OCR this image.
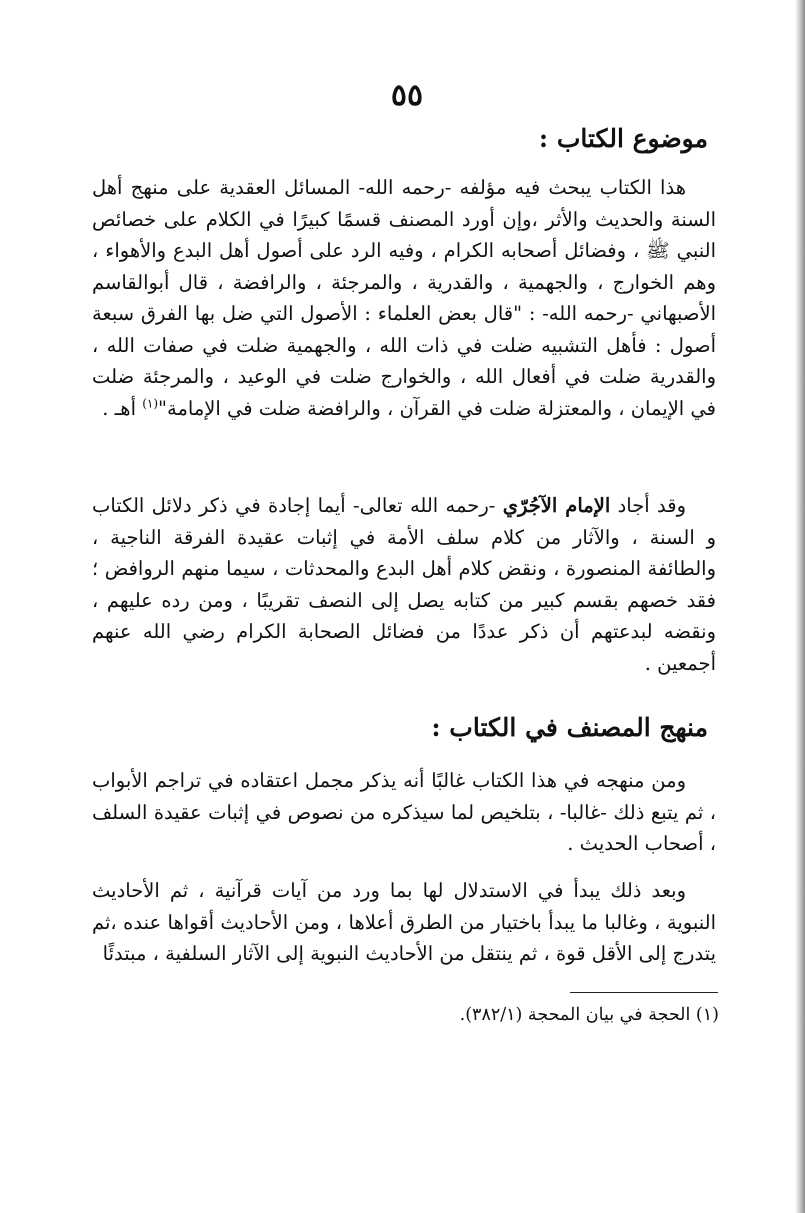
٥٥
موضوع الكتاب :

هذا الكتاب يبحث فيه مؤلفه -رحمه الله- المسائل العقدية على منهج أهل السنة والحديث والأثر ،وإن أورد المصنف قسمًا كبيرًا في الكلام على خصائص النبي ﷺ ، وفضائل أصحابه الكرام ، وفيه الرد على أصول أهل البدع والأهواء ، وهم الخوارج ، والجهمية ، والقدرية ، والمرجئة ، والرافضة ، قال أبوالقاسم الأصبهاني -رحمه الله- : "قال بعض العلماء : الأصول التي ضل بها الفرق سبعة أصول : فأهل التشبيه ضلت في ذات الله ، والجهمية ضلت في صفات الله ، والقدرية ضلت في أفعال الله ، والخوارج ضلت في الوعيد ، والمرجئة ضلت في الإيمان ، والمعتزلة ضلت في القرآن ، والرافضة ضلت في الإمامة"$^{(١)}$ أهـ .

وقد أجاد الإمام الآجُرّي -رحمه الله تعالى- أيما إجادة في ذكر دلائل الكتاب و السنة ، والآثار من كلام سلف الأمة في إثبات عقيدة الفرقة الناجية ، والطائفة المنصورة ، ونقض كلام أهل البدع والمحدثات ، سيما منهم الروافض ؛ فقد خصهم بقسم كبير من كتابه يصل إلى النصف تقريبًا ، ومن رده عليهم ، ونقضه لبدعتهم أن ذكر عددًا من فضائل الصحابة الكرام رضي الله عنهم أجمعين .

منهج المصنف في الكتاب :

ومن منهجه في هذا الكتاب غالبًا أنه يذكر مجمل اعتقاده في تراجم الأبواب ، ثم يتبع ذلك -غالبا- ، بتلخيص لما سيذكره من نصوص في إثبات عقيدة السلف ، أصحاب الحديث .

وبعد ذلك يبدأ في الاستدلال لها بما ورد من آيات قرآنية ، ثم الأحاديث النبوية ، وغالبا ما يبدأ باختيار من الطرق أعلاها ، ومن الأحاديث أقواها عنده ،ثم يتدرج إلى الأقل قوة ، ثم ينتقل من الأحاديث النبوية إلى الآثار السلفية ، مبتدئًا

(١) الحجة في بيان المحجة (٣٨٢/١).
